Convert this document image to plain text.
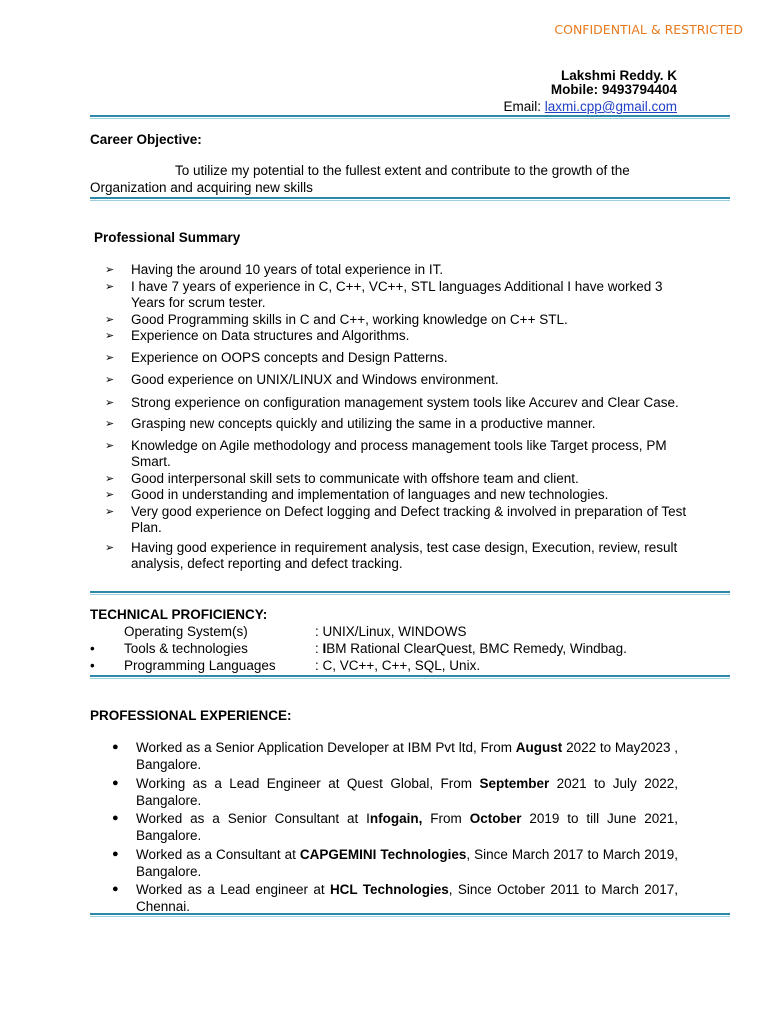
CONFIDENTIAL & RESTRICTED
Lakshmi Reddy. K
Mobile: 9493794404
Email: laxmi.cpp@gmail.com
Career Objective:
To utilize my potential to the fullest extent and contribute to the growth of the
Organization and acquiring new skills
Professional Summary
➢ Having the around 10 years of total experience in IT.
➢ I have 7 years of experience in C, C++, VC++, STL languages Additional I have worked 3 Years for scrum tester.
➢ Good Programming skills in C and C++, working knowledge on C++ STL.
➢ Experience on Data structures and Algorithms.
➢ Experience on OOPS concepts and Design Patterns.
➢ Good experience on UNIX/LINUX and Windows environment.
➢ Strong experience on configuration management system tools like Accurev and Clear Case.
➢ Grasping new concepts quickly and utilizing the same in a productive manner.
➢ Knowledge on Agile methodology and process management tools like Target process, PM Smart.
➢ Good interpersonal skill sets to communicate with offshore team and client.
➢ Good in understanding and implementation of languages and new technologies.
➢ Very good experience on Defect logging and Defect tracking & involved in preparation of Test Plan.
➢ Having good experience in requirement analysis, test case design, Execution, review, result analysis, defect reporting and defect tracking.
TECHNICAL PROFICIENCY:
Operating System(s)	: UNIX/Linux, WINDOWS
• Tools & technologies	: IBM Rational ClearQuest, BMC Remedy, Windbag.
• Programming Languages	: C, VC++, C++, SQL, Unix.
PROFESSIONAL EXPERIENCE:
● Worked as a Senior Application Developer at IBM Pvt ltd, From August 2022 to May2023 , Bangalore.
● Working as a Lead Engineer at Quest Global, From September 2021 to July 2022, Bangalore.
● Worked as a Senior Consultant at Infogain, From October 2019 to till June 2021, Bangalore.
● Worked as a Consultant at CAPGEMINI Technologies, Since March 2017 to March 2019, Bangalore.
● Worked as a Lead engineer at HCL Technologies, Since October 2011 to March 2017, Chennai.
